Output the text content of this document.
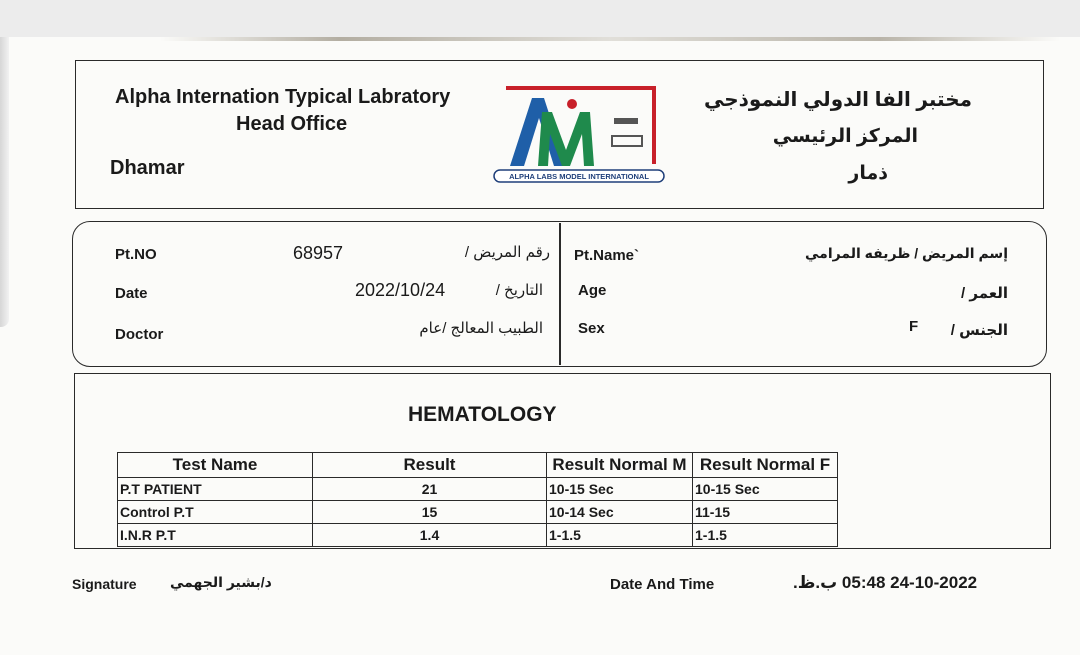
Alpha Internation Typical Labratory
Head Office
Dhamar
مختبر الفا الدولي النموذجي
المركز الرئيسي
ذمار
ALPHA LABS MODEL INTERNATIONAL
Pt.NO	68957	رقم المريض /
Date	2022/10/24	التاريخ /
Doctor	الطبيب المعالج /عام
Pt.Name`	إسم المريض / ظريفه المرامي
Age	العمر /
Sex	F الجنس /
HEMATOLOGY
Test Name	Result	Result Normal M	Result Normal F
P.T PATIENT	21	10-15 Sec	10-15 Sec
Control P.T	15	10-14 Sec	11-15
I.N.R P.T	1.4	1-1.5	1-1.5
Signature د/بشير الجهمي	Date And Time	24-10-2022 05:48 ب.ظ.
